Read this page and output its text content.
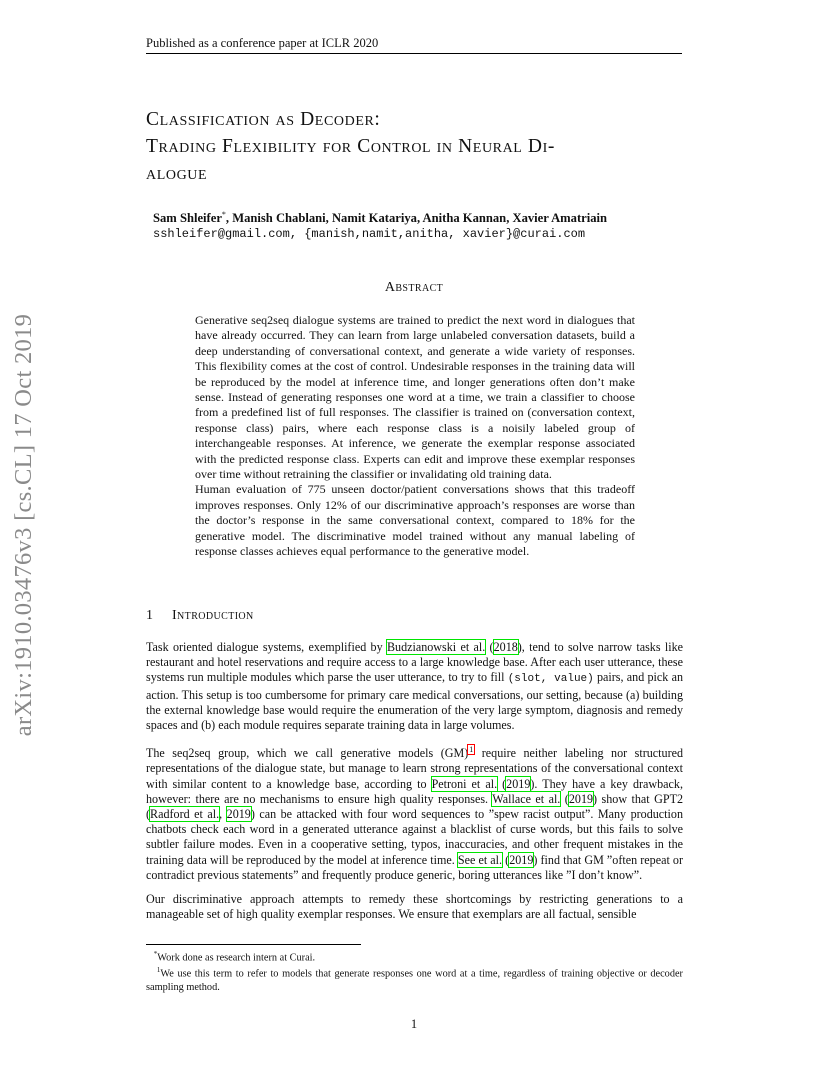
Published as a conference paper at ICLR 2020
arXiv:1910.03476v3 [cs.CL] 17 Oct 2019
Classification as Decoder:
Trading Flexibility for Control in Neural Di-
alogue
Sam Shleifer*, Manish Chablani, Namit Katariya, Anitha Kannan, Xavier Amatriain
sshleifer@gmail.com, {manish,namit,anitha, xavier}@curai.com
Abstract

Generative seq2seq dialogue systems are trained to predict the next word in dialogues that have already occurred. They can learn from large unlabeled conversation datasets, build a deep understanding of conversational context, and generate a wide variety of responses. This flexibility comes at the cost of control. Undesirable responses in the training data will be reproduced by the model at inference time, and longer generations often don’t make sense. Instead of generating responses one word at a time, we train a classifier to choose from a predefined list of full responses. The classifier is trained on (conversation context, response class) pairs, where each response class is a noisily labeled group of interchangeable responses. At inference, we generate the exemplar response associated with the predicted response class. Experts can edit and improve these exemplar responses over time without retraining the classifier or invalidating old training data.

Human evaluation of 775 unseen doctor/patient conversations shows that this tradeoff improves responses. Only 12% of our discriminative approach’s responses are worse than the doctor’s response in the same conversational context, compared to 18% for the generative model. The discriminative model trained without any manual labeling of response classes achieves equal performance to the generative model.

1 Introduction

Task oriented dialogue systems, exemplified by Budzianowski et al. (2018), tend to solve narrow tasks like restaurant and hotel reservations and require access to a large knowledge base. After each user utterance, these systems run multiple modules which parse the user utterance, to try to fill (slot, value) pairs, and pick an action. This setup is too cumbersome for primary care medical conversations, our setting, because (a) building the external knowledge base would require the enumeration of the very large symptom, diagnosis and remedy spaces and (b) each module requires separate training data in large volumes.

The seq2seq group, which we call generative models (GM)$^1$ require neither labeling nor structured representations of the dialogue state, but manage to learn strong representations of the conversational context with similar content to a knowledge base, according to Petroni et al. (2019). They have a key drawback, however: there are no mechanisms to ensure high quality responses. Wallace et al. (2019) show that GPT2 (Radford et al., 2019) can be attacked with four word sequences to ”spew racist output”. Many production chatbots check each word in a generated utterance against a blacklist of curse words, but this fails to solve subtler failure modes. Even in a cooperative setting, typos, inaccuracies, and other frequent mistakes in the training data will be reproduced by the model at inference time. See et al. (2019) find that GM ”often repeat or contradict previous statements” and frequently produce generic, boring utterances like ”I don’t know”.

Our discriminative approach attempts to remedy these shortcomings by restricting generations to a manageable set of high quality exemplar responses. We ensure that exemplars are all factual, sensible

*Work done as research intern at Curai.

$^1$We use this term to refer to models that generate responses one word at a time, regardless of training objective or decoder sampling method.

1
